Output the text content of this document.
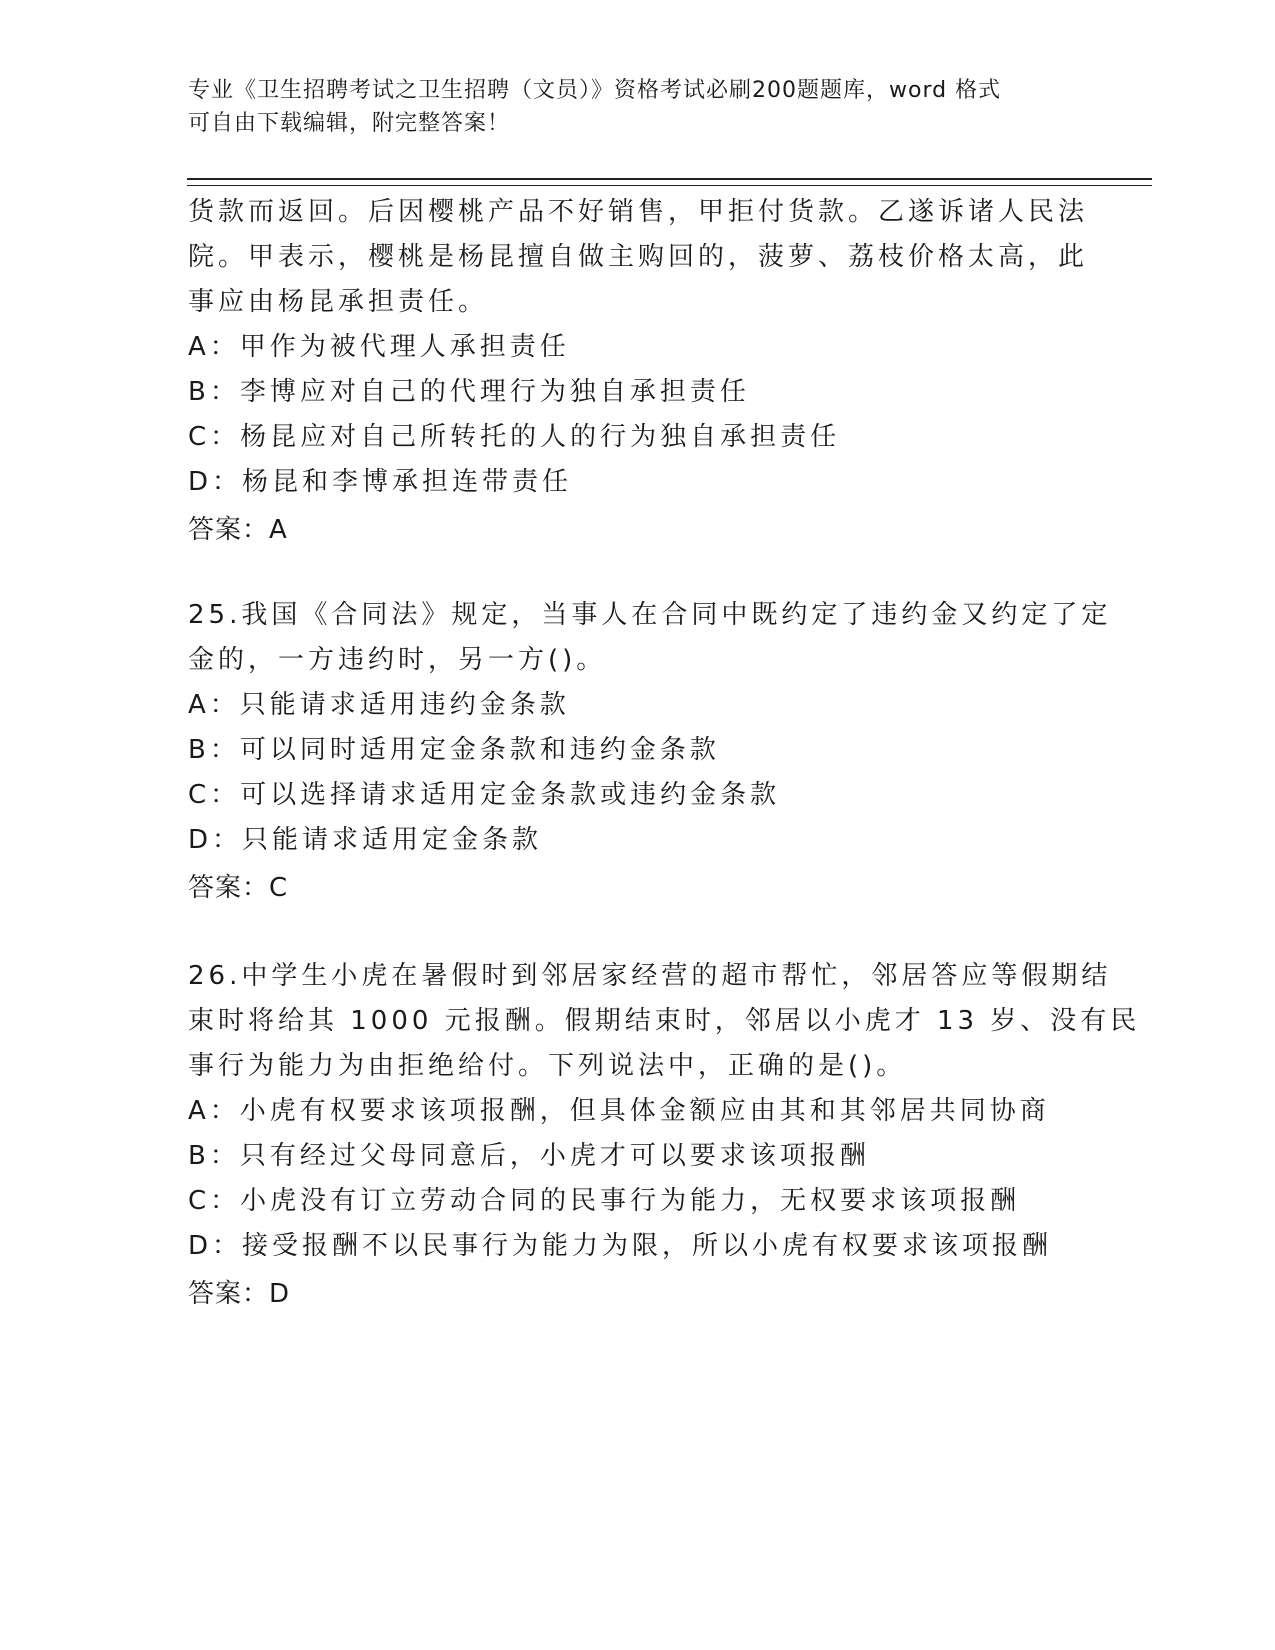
专业《卫生招聘考试之卫生招聘（文员）》资格考试必刷200题题库，word 格式
可自由下载编辑，附完整答案！
货款而返回。后因樱桃产品不好销售，甲拒付货款。乙遂诉诸人民法
院。甲表示，樱桃是杨昆擅自做主购回的，菠萝、荔枝价格太高，此
事应由杨昆承担责任。
A：甲作为被代理人承担责任
B：李博应对自己的代理行为独自承担责任
C：杨昆应对自己所转托的人的行为独自承担责任
D：杨昆和李博承担连带责任
答案：A
25.我国《合同法》规定，当事人在合同中既约定了违约金又约定了定
金的，一方违约时，另一方()。
A：只能请求适用违约金条款
B：可以同时适用定金条款和违约金条款
C：可以选择请求适用定金条款或违约金条款
D：只能请求适用定金条款
答案：C
26.中学生小虎在暑假时到邻居家经营的超市帮忙，邻居答应等假期结
束时将给其 1000 元报酬。假期结束时，邻居以小虎才 13 岁、没有民
事行为能力为由拒绝给付。下列说法中，正确的是()。
A：小虎有权要求该项报酬，但具体金额应由其和其邻居共同协商
B：只有经过父母同意后，小虎才可以要求该项报酬
C：小虎没有订立劳动合同的民事行为能力，无权要求该项报酬
D：接受报酬不以民事行为能力为限，所以小虎有权要求该项报酬
答案：D
